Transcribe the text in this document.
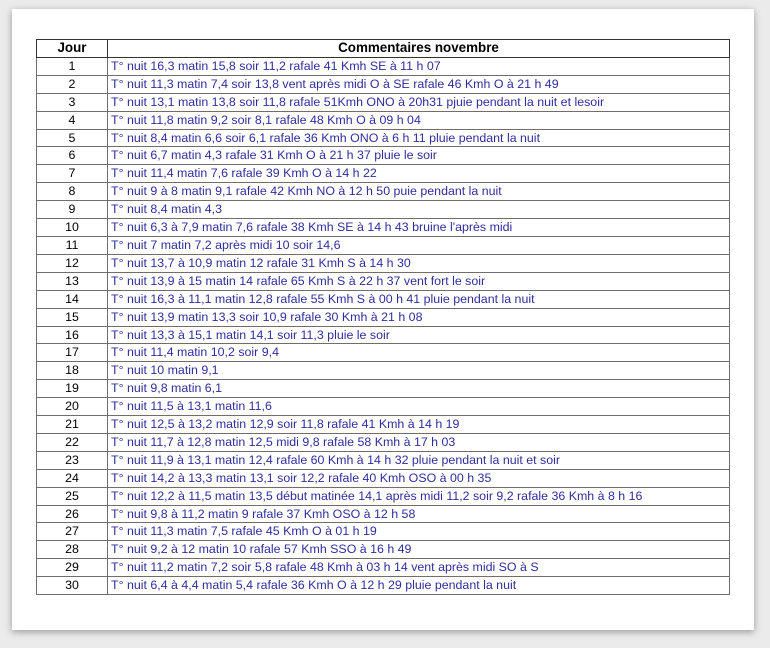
Jour	Commentaires novembre
1	T° nuit 16,3 matin 15,8 soir 11,2 rafale 41 Kmh SE à 11 h 07
2	T° nuit 11,3 matin 7,4 soir 13,8 vent après midi O à SE rafale 46 Kmh O à 21 h 49
3	T° nuit 13,1 matin 13,8 soir 11,8 rafale 51Kmh ONO à 20h31 pjuie pendant la nuit et lesoir
4	T° nuit 11,8 matin 9,2 soir 8,1 rafale 48 Kmh O à 09 h 04
5	T° nuit 8,4 matin 6,6 soir 6,1 rafale 36 Kmh ONO à 6 h 11 pluie pendant la nuit
6	T° nuit 6,7 matin 4,3 rafale 31 Kmh O à 21 h 37 pluie le soir
7	T° nuit 11,4 matin 7,6 rafale 39 Kmh O à 14 h 22
8	T° nuit 9 à 8 matin 9,1 rafale 42 Kmh NO à 12 h 50 puie pendant la nuit
9	T° nuit 8,4 matin 4,3
10	T° nuit 6,3 à 7,9 matin 7,6 rafale 38 Kmh SE à 14 h 43 bruine l'après midi
11	T° nuit 7 matin 7,2 après midi 10 soir 14,6
12	T° nuit 13,7 à 10,9 matin 12 rafale 31 Kmh S à 14 h 30
13	T° nuit 13,9 à 15 matin 14 rafale 65 Kmh S à 22 h 37 vent fort le soir
14	T° nuit 16,3 à 11,1 matin 12,8 rafale 55 Kmh S à 00 h 41 pluie pendant la nuit
15	T° nuit 13,9 matin 13,3 soir 10,9 rafale 30 Kmh à 21 h 08
16	T° nuit 13,3 à 15,1 matin 14,1 soir 11,3 pluie le soir
17	T° nuit 11,4 matin 10,2 soir 9,4
18	T° nuit 10 matin 9,1
19	T° nuit 9,8 matin 6,1
20	T° nuit 11,5 à 13,1 matin 11,6
21	T° nuit 12,5 à 13,2 matin 12,9 soir 11,8 rafale 41 Kmh à 14 h 19
22	T° nuit 11,7 à 12,8 matin 12,5 midi 9,8 rafale 58 Kmh à 17 h 03
23	T° nuit 11,9 à 13,1 matin 12,4 rafale 60 Kmh à 14 h 32 pluie pendant la nuit et soir
24	T° nuit 14,2 à 13,3 matin 13,1 soir 12,2 rafale 40 Kmh OSO à 00 h 35
25	T° nuit 12,2 à 11,5 matin 13,5 début matinée 14,1 après midi 11,2 soir 9,2 rafale 36 Kmh à 8 h 16
26	T° nuit 9,8 à 11,2 matin 9 rafale 37 Kmh OSO à 12 h 58
27	T° nuit 11,3 matin 7,5 rafale 45 Kmh O à 01 h 19
28	T° nuit 9,2 à 12 matin 10 rafale 57 Kmh SSO à 16 h 49
29	T° nuit 11,2 matin 7,2 soir 5,8 rafale 48 Kmh à 03 h 14 vent après midi SO à S
30	T° nuit 6,4 à 4,4 matin 5,4 rafale 36 Kmh O à 12 h 29 pluie pendant la nuit
